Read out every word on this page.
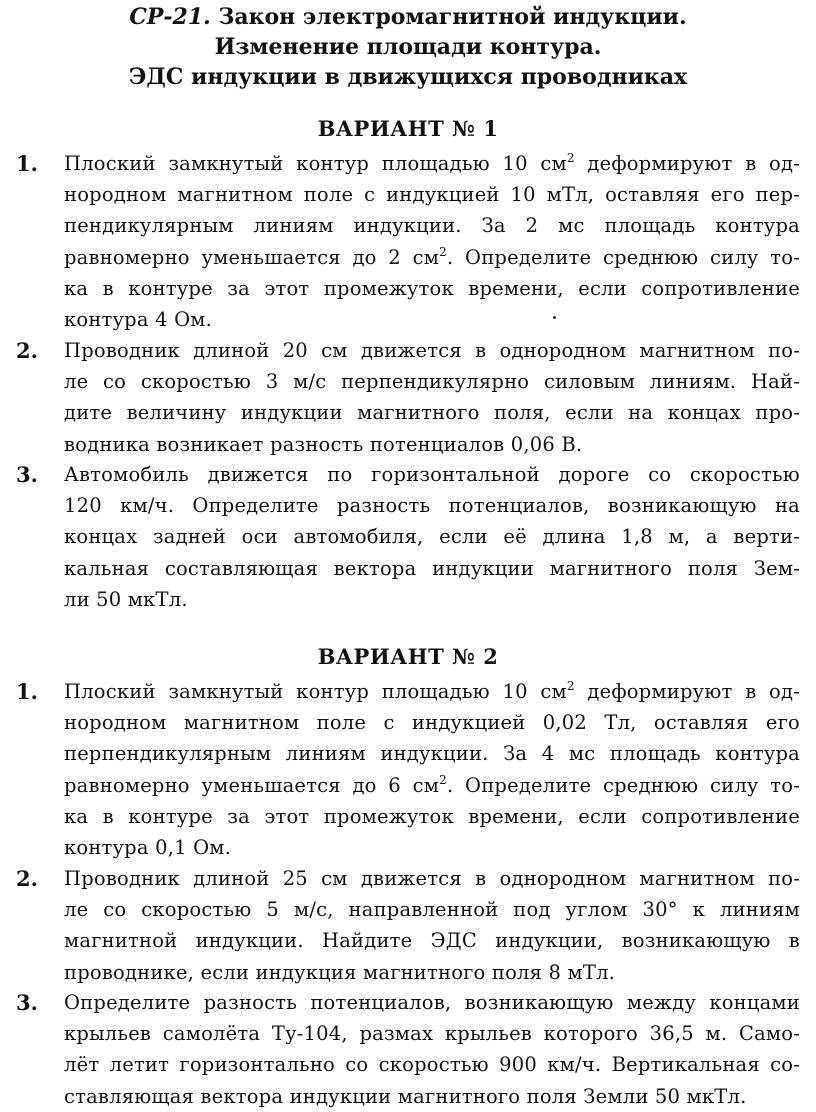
СР-21. Закон электромагнитной индукции.
Изменение площади контура.
ЭДС индукции в движущихся проводниках
ВАРИАНТ № 1
1. Плоский замкнутый контур площадью 10 $см^2$ деформируют в од-
нородном магнитном поле с индукцией 10 мТл, оставляя его пер-
пендикулярным линиям индукции. За 2 мс площадь контура
равномерно уменьшается до 2 $см^2$. Определите среднюю силу то-
ка в контуре за этот промежуток времени, если сопротивление
контура 4 Ом.
2. Проводник длиной 20 см движется в однородном магнитном по-
ле со скоростью 3 м/с перпендикулярно силовым линиям. Най-
дите величину индукции магнитного поля, если на концах про-
водника возникает разность потенциалов 0,06 В.
3. Автомобиль движется по горизонтальной дороге со скоростью
120 км/ч. Определите разность потенциалов, возникающую на
концах задней оси автомобиля, если её длина 1,8 м, а верти-
кальная составляющая вектора индукции магнитного поля Зем-
ли 50 мкТл.
ВАРИАНТ № 2
1. Плоский замкнутый контур площадью 10 $см^2$ деформируют в од-
нородном магнитном поле с индукцией 0,02 Тл, оставляя его
перпендикулярным линиям индукции. За 4 мс площадь контура
равномерно уменьшается до 6 $см^2$. Определите среднюю силу то-
ка в контуре за этот промежуток времени, если сопротивление
контура 0,1 Ом.
2. Проводник длиной 25 см движется в однородном магнитном по-
ле со скоростью 5 м/с, направленной под углом 30° к линиям
магнитной индукции. Найдите ЭДС индукции, возникающую в
проводнике, если индукция магнитного поля 8 мТл.
3. Определите разность потенциалов, возникающую между концами
крыльев самолёта Ту-104, размах крыльев которого 36,5 м. Само-
лёт летит горизонтально со скоростью 900 км/ч. Вертикальная со-
ставляющая вектора индукции магнитного поля Земли 50 мкТл.
